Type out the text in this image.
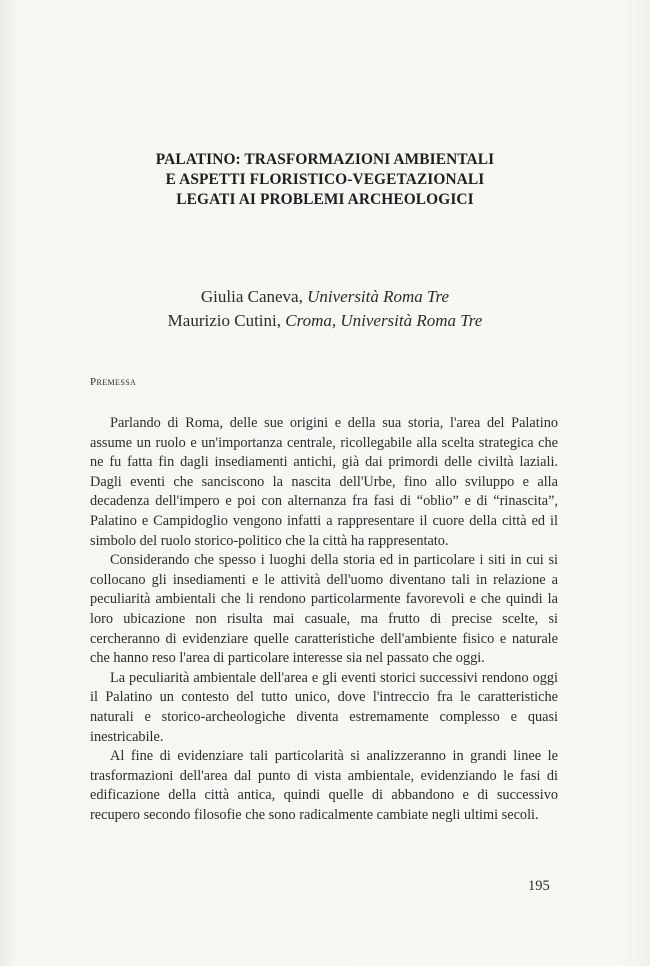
PALATINO: TRASFORMAZIONI AMBIENTALI
E ASPETTI FLORISTICO-VEGETAZIONALI
LEGATI AI PROBLEMI ARCHEOLOGICI
Giulia Caneva, Università Roma Tre
Maurizio Cutini, Croma, Università Roma Tre
Premessa

Parlando di Roma, delle sue origini e della sua storia, l'area del Palatino assume un ruolo e un'importanza centrale, ricollegabile alla scelta strategica che ne fu fatta fin dagli insediamenti antichi, già dai primordi delle civiltà laziali. Dagli eventi che sanciscono la nascita dell'Urbe, fino allo sviluppo e alla decadenza dell'impero e poi con alternanza fra fasi di “oblio” e di “rinascita”, Palatino e Campidoglio vengono infatti a rappresentare il cuore della città ed il simbolo del ruolo storico-politico che la città ha rappresentato.

Considerando che spesso i luoghi della storia ed in particolare i siti in cui si collocano gli insediamenti e le attività dell'uomo diventano tali in relazione a peculiarità ambientali che li rendono particolarmente favorevoli e che quindi la loro ubicazione non risulta mai casuale, ma frutto di precise scelte, si cercheranno di evidenziare quelle caratteristiche dell'ambiente fisico e naturale che hanno reso l'area di particolare interesse sia nel passato che oggi.

La peculiarità ambientale dell'area e gli eventi storici successivi rendono oggi il Palatino un contesto del tutto unico, dove l'intreccio fra le caratteristiche naturali e storico-archeologiche diventa estremamente complesso e quasi inestricabile.

Al fine di evidenziare tali particolarità si analizzeranno in grandi linee le trasformazioni dell'area dal punto di vista ambientale, evidenziando le fasi di edificazione della città antica, quindi quelle di abbandono e di successivo recupero secondo filosofie che sono radicalmente cambiate negli ultimi secoli.

195
